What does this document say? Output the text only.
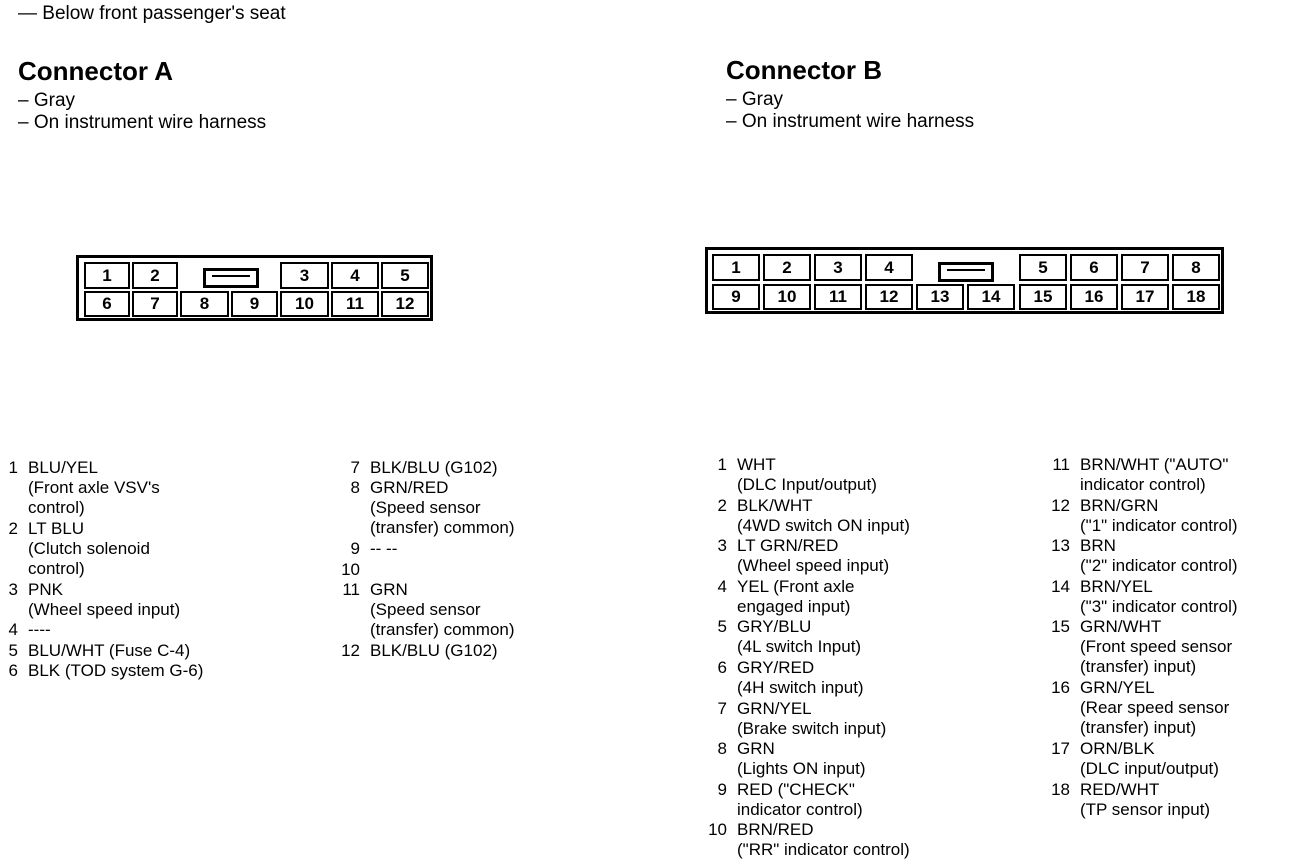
— Below front passenger's seat
Connector A
– Gray
– On instrument wire harness
Connector B
– Gray
– On instrument wire harness
1	2	3	4	5
6	7	8	9	10	11	12
1	2	3	4	5	6	7	8
9	10	11	12	13	14	15	16	17	18
1 BLU/YEL
(Front axle VSV's
control)
2 LT BLU
(Clutch solenoid
control)
3 PNK
(Wheel speed input)
4 ----
5 BLU/WHT (Fuse C-4)
6 BLK (TOD system G-6)
7 BLK/BLU (G102)
8 GRN/RED
(Speed sensor
(transfer) common)
9 -- --
10
11 GRN
(Speed sensor
(transfer) common)
12 BLK/BLU (G102)
1 WHT
(DLC Input/output)
2 BLK/WHT
(4WD switch ON input)
3 LT GRN/RED
(Wheel speed input)
4 YEL (Front axle
engaged input)
5 GRY/BLU
(4L switch Input)
6 GRY/RED
(4H switch input)
7 GRN/YEL
(Brake switch input)
8 GRN
(Lights ON input)
9 RED ("CHECK"
indicator control)
10 BRN/RED
("RR" indicator control)
11 BRN/WHT ("AUTO"
indicator control)
12 BRN/GRN
("1" indicator control)
13 BRN
("2" indicator control)
14 BRN/YEL
("3" indicator control)
15 GRN/WHT
(Front speed sensor
(transfer) input)
16 GRN/YEL
(Rear speed sensor
(transfer) input)
17 ORN/BLK
(DLC input/output)
18 RED/WHT
(TP sensor input)
